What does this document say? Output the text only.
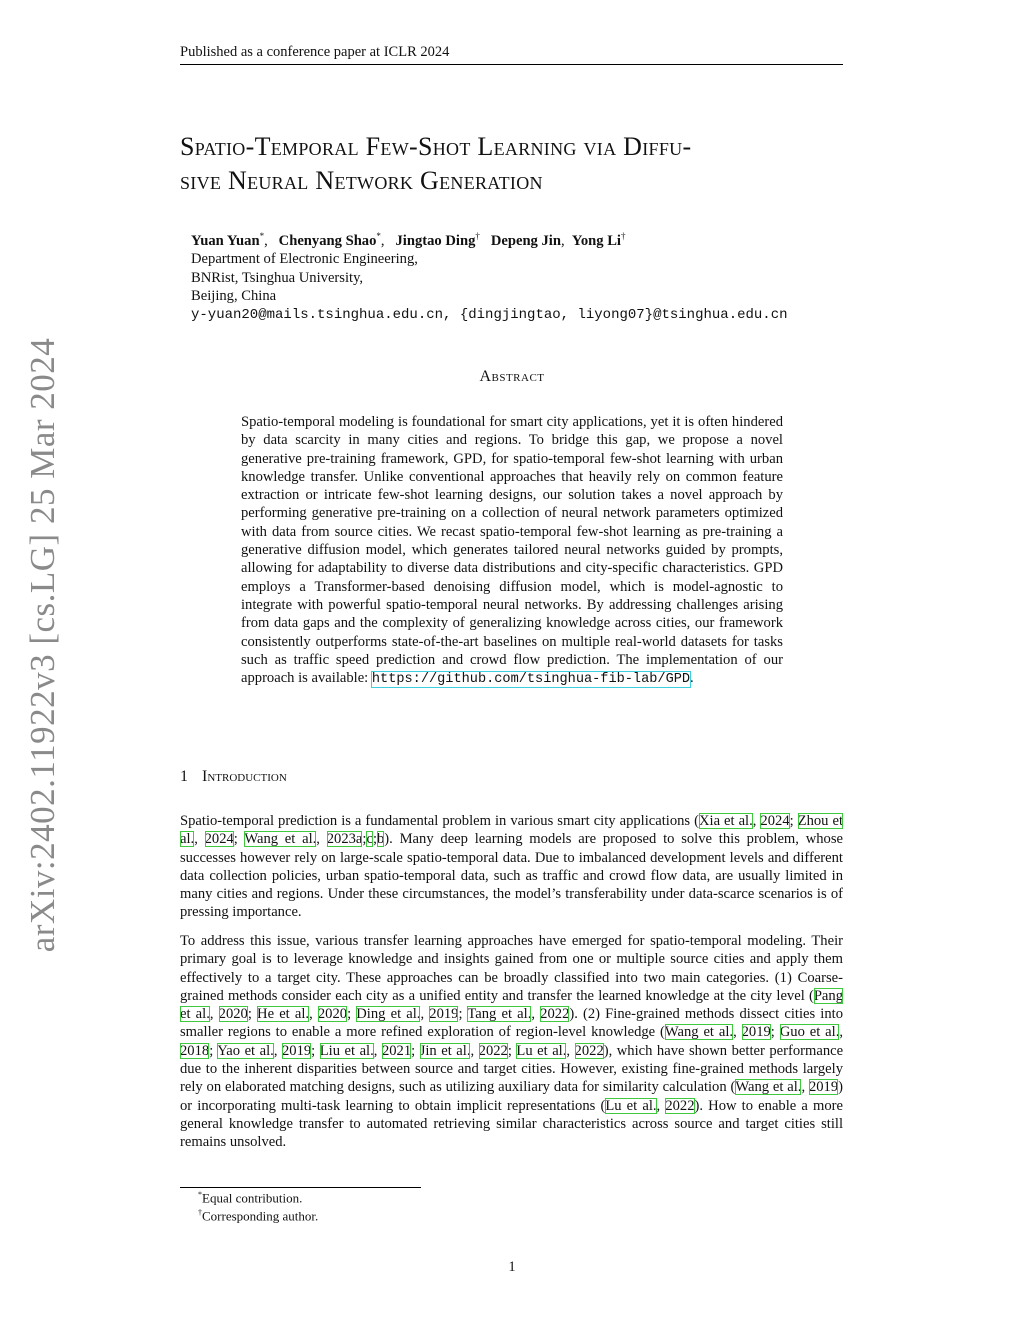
Published as a conference paper at ICLR 2024
arXiv:2402.11922v3 [cs.LG] 25 Mar 2024
Spatio-Temporal Few-Shot Learning via Diffu-
sive Neural Network Generation
Yuan Yuan*,   Chenyang Shao*,   Jingtao Ding† Depeng Jin,  Yong Li†
Department of Electronic Engineering,
BNRist, Tsinghua University,
Beijing, China
y-yuan20@mails.tsinghua.edu.cn, {dingjingtao, liyong07}@tsinghua.edu.cn
Abstract
Spatio-temporal modeling is foundational for smart city applications, yet it is often hindered by data scarcity in many cities and regions. To bridge this gap, we propose a novel generative pre-training framework, GPD, for spatio-temporal few-shot learning with urban knowledge transfer. Unlike conventional approaches that heavily rely on common feature extraction or intricate few-shot learning designs, our solution takes a novel approach by performing generative pre-training on a collection of neural network parameters optimized with data from source cities. We recast spatio-temporal few-shot learning as pre-training a generative diffusion model, which generates tailored neural networks guided by prompts, allowing for adaptability to diverse data distributions and city-specific characteristics. GPD employs a Transformer-based denoising diffusion model, which is model-agnostic to integrate with powerful spatio-temporal neural networks. By addressing challenges arising from data gaps and the complexity of generalizing knowledge across cities, our framework consistently outperforms state-of-the-art baselines on multiple real-world datasets for tasks such as traffic speed prediction and crowd flow prediction. The implementation of our approach is available: https://github.com/tsinghua-fib-lab/GPD.
1 Introduction
Spatio-temporal prediction is a fundamental problem in various smart city applications (Xia et al., 2024; Zhou et al., 2024; Wang et al., 2023a;c;b). Many deep learning models are proposed to solve this problem, whose successes however rely on large-scale spatio-temporal data. Due to imbalanced development levels and different data collection policies, urban spatio-temporal data, such as traffic and crowd flow data, are usually limited in many cities and regions. Under these circumstances, the model’s transferability under data-scarce scenarios is of pressing importance.
To address this issue, various transfer learning approaches have emerged for spatio-temporal modeling. Their primary goal is to leverage knowledge and insights gained from one or multiple source cities and apply them effectively to a target city. These approaches can be broadly classified into two main categories. (1) Coarse-grained methods consider each city as a unified entity and transfer the learned knowledge at the city level (Pang et al., 2020; He et al., 2020; Ding et al., 2019; Tang et al., 2022). (2) Fine-grained methods dissect cities into smaller regions to enable a more refined exploration of region-level knowledge (Wang et al., 2019; Guo et al., 2018; Yao et al., 2019; Liu et al., 2021; Jin et al., 2022; Lu et al., 2022), which have shown better performance due to the inherent disparities between source and target cities. However, existing fine-grained methods largely rely on elaborated matching designs, such as utilizing auxiliary data for similarity calculation (Wang et al., 2019) or incorporating multi-task learning to obtain implicit representations (Lu et al., 2022). How to enable a more general knowledge transfer to automated retrieving similar characteristics across source and target cities still remains unsolved.
*Equal contribution.
†Corresponding author.
1
